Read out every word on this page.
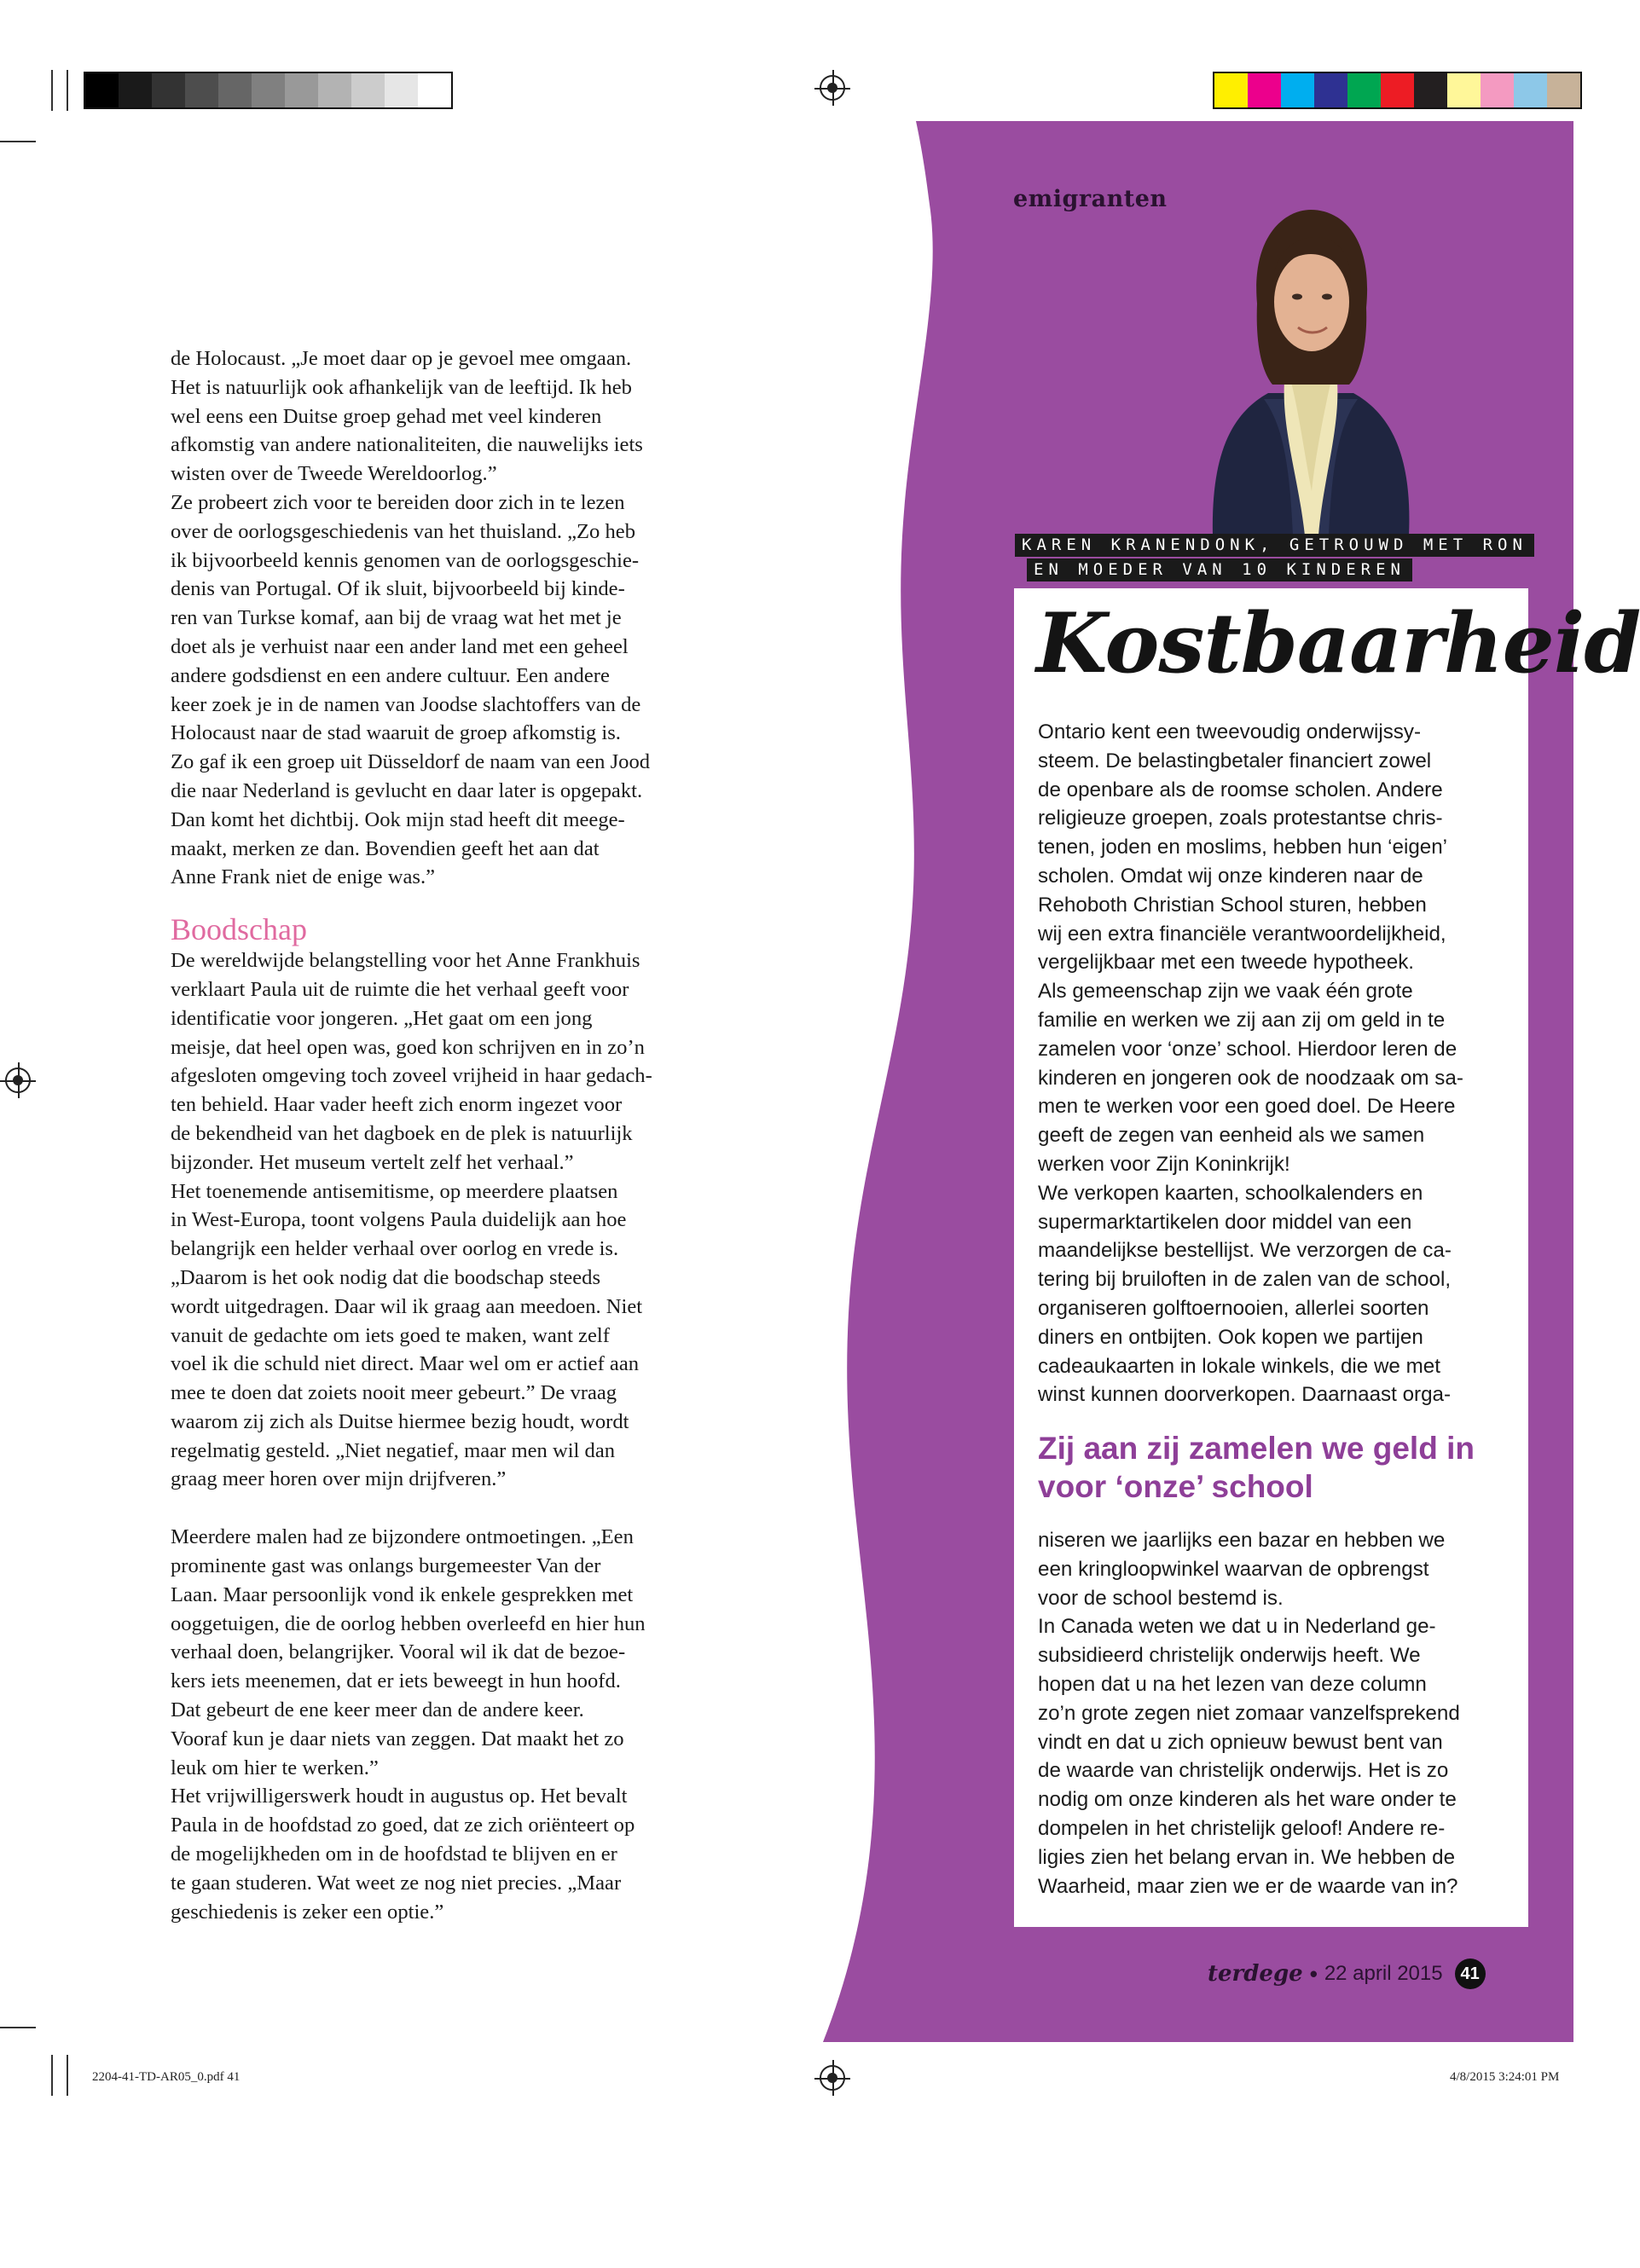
emigranten
KAREN KRANENDONK, GETROUWD MET RON
EN MOEDER VAN 10 KINDEREN

de Holocaust. „Je moet daar op je gevoel mee omgaan.
Het is natuurlijk ook afhankelijk van de leeftijd. Ik heb
wel eens een Duitse groep gehad met veel kinderen
afkomstig van andere nationaliteiten, die nauwelijks iets
wisten over de Tweede Wereldoorlog.”
Ze probeert zich voor te bereiden door zich in te lezen
over de oorlogsgeschiedenis van het thuisland. „Zo heb
ik bijvoorbeeld kennis genomen van de oorlogsgeschie-
denis van Portugal. Of ik sluit, bijvoorbeeld bij kinde-
ren van Turkse komaf, aan bij de vraag wat het met je
doet als je verhuist naar een ander land met een geheel
andere godsdienst en een andere cultuur. Een andere
keer zoek je in de namen van Joodse slachtoffers van de
Holocaust naar de stad waaruit de groep afkomstig is.
Zo gaf ik een groep uit Düsseldorf de naam van een Jood
die naar Nederland is gevlucht en daar later is opgepakt.
Dan komt het dichtbij. Ook mijn stad heeft dit meege-
maakt, merken ze dan. Bovendien geeft het aan dat
Anne Frank niet de enige was.”

Boodschap

De wereldwijde belangstelling voor het Anne Frankhuis
verklaart Paula uit de ruimte die het verhaal geeft voor
identificatie voor jongeren. „Het gaat om een jong
meisje, dat heel open was, goed kon schrijven en in zo’n
afgesloten omgeving toch zoveel vrijheid in haar gedach-
ten behield. Haar vader heeft zich enorm ingezet voor
de bekendheid van het dagboek en de plek is natuurlijk
bijzonder. Het museum vertelt zelf het verhaal.”
Het toenemende antisemitisme, op meerdere plaatsen
in West-Europa, toont volgens Paula duidelijk aan hoe
belangrijk een helder verhaal over oorlog en vrede is.
„Daarom is het ook nodig dat die boodschap steeds
wordt uitgedragen. Daar wil ik graag aan meedoen. Niet
vanuit de gedachte om iets goed te maken, want zelf
voel ik die schuld niet direct. Maar wel om er actief aan
mee te doen dat zoiets nooit meer gebeurt.” De vraag
waarom zij zich als Duitse hiermee bezig houdt, wordt
regelmatig gesteld. „Niet negatief, maar men wil dan
graag meer horen over mijn drijfveren.”

Meerdere malen had ze bijzondere ontmoetingen. „Een
prominente gast was onlangs burgemeester Van der
Laan. Maar persoonlijk vond ik enkele gesprekken met
ooggetuigen, die de oorlog hebben overleefd en hier hun
verhaal doen, belangrijker. Vooral wil ik dat de bezoe-
kers iets meenemen, dat er iets beweegt in hun hoofd.
Dat gebeurt de ene keer meer dan de andere keer.
Vooraf kun je daar niets van zeggen. Dat maakt het zo
leuk om hier te werken.”
Het vrijwilligerswerk houdt in augustus op. Het bevalt
Paula in de hoofdstad zo goed, dat ze zich oriënteert op
de mogelijkheden om in de hoofdstad te blijven en er
te gaan studeren. Wat weet ze nog niet precies. „Maar
geschiedenis is zeker een optie.”

Kostbaarheid

Ontario kent een tweevoudig onderwijssy-
steem. De belastingbetaler financiert zowel
de openbare als de roomse scholen. Andere
religieuze groepen, zoals protestantse chris-
tenen, joden en moslims, hebben hun ‘eigen’
scholen. Omdat wij onze kinderen naar de
Rehoboth Christian School sturen, hebben
wij een extra financiële verantwoordelijkheid,
vergelijkbaar met een tweede hypotheek.
Als gemeenschap zijn we vaak één grote
familie en werken we zij aan zij om geld in te
zamelen voor ‘onze’ school. Hierdoor leren de
kinderen en jongeren ook de noodzaak om sa-
men te werken voor een goed doel. De Heere
geeft de zegen van eenheid als we samen
werken voor Zijn Koninkrijk!
We verkopen kaarten, schoolkalenders en
supermarktartikelen door middel van een
maandelijkse bestellijst. We verzorgen de ca-
tering bij bruiloften in de zalen van de school,
organiseren golftoernooien, allerlei soorten
diners en ontbijten. Ook kopen we partijen
cadeaukaarten in lokale winkels, die we met
winst kunnen doorverkopen. Daarnaast orga-

Zij aan zij zamelen we geld in voor ‘onze’ school

niseren we jaarlijks een bazar en hebben we
een kringloopwinkel waarvan de opbrengst
voor de school bestemd is.
In Canada weten we dat u in Nederland ge-
subsidieerd christelijk onderwijs heeft. We
hopen dat u na het lezen van deze column
zo’n grote zegen niet zomaar vanzelfsprekend
vindt en dat u zich opnieuw bewust bent van
de waarde van christelijk onderwijs. Het is zo
nodig om onze kinderen als het ware onder te
dompelen in het christelijk geloof! Andere re-
ligies zien het belang ervan in. We hebben de
Waarheid, maar zien we er de waarde van in?

terdege • 22 april 2015	41
2204-41-TD-AR05_0.pdf 41	4/8/2015 3:24:01 PM
